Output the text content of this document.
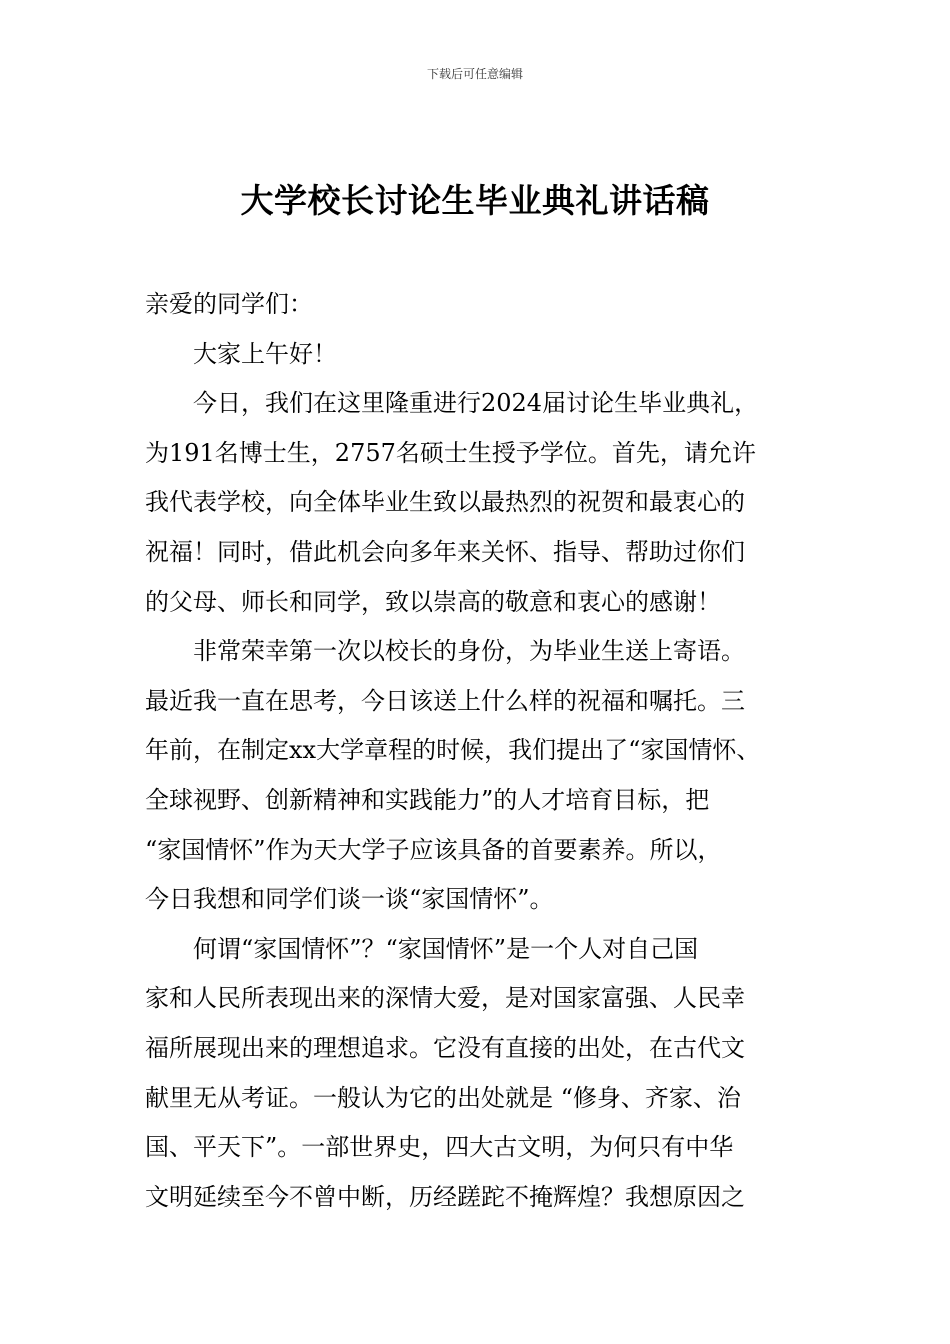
下载后可任意编辑
大学校长讨论生毕业典礼讲话稿
亲爱的同学们：
大家上午好！
今日，我们在这里隆重进行2024届讨论生毕业典礼，
为191名博士生，2757名硕士生授予学位。首先，请允许
我代表学校，向全体毕业生致以最热烈的祝贺和最衷心的
祝福！同时，借此机会向多年来关怀、指导、帮助过你们
的父母、师长和同学，致以崇高的敬意和衷心的感谢！
非常荣幸第一次以校长的身份，为毕业生送上寄语。
最近我一直在思考，今日该送上什么样的祝福和嘱托。三
年前，在制定xx大学章程的时候，我们提出了“家国情怀、
全球视野、创新精神和实践能力”的人才培育目标，把
“家国情怀”作为天大学子应该具备的首要素养。所以，
今日我想和同学们谈一谈“家国情怀”。
何谓“家国情怀”？“家国情怀”是一个人对自己国
家和人民所表现出来的深情大爱，是对国家富强、人民幸
福所展现出来的理想追求。它没有直接的出处，在古代文
献里无从考证。一般认为它的出处就是 “修身、齐家、治
国、平天下”。一部世界史，四大古文明，为何只有中华
文明延续至今不曾中断，历经蹉跎不掩辉煌？我想原因之
